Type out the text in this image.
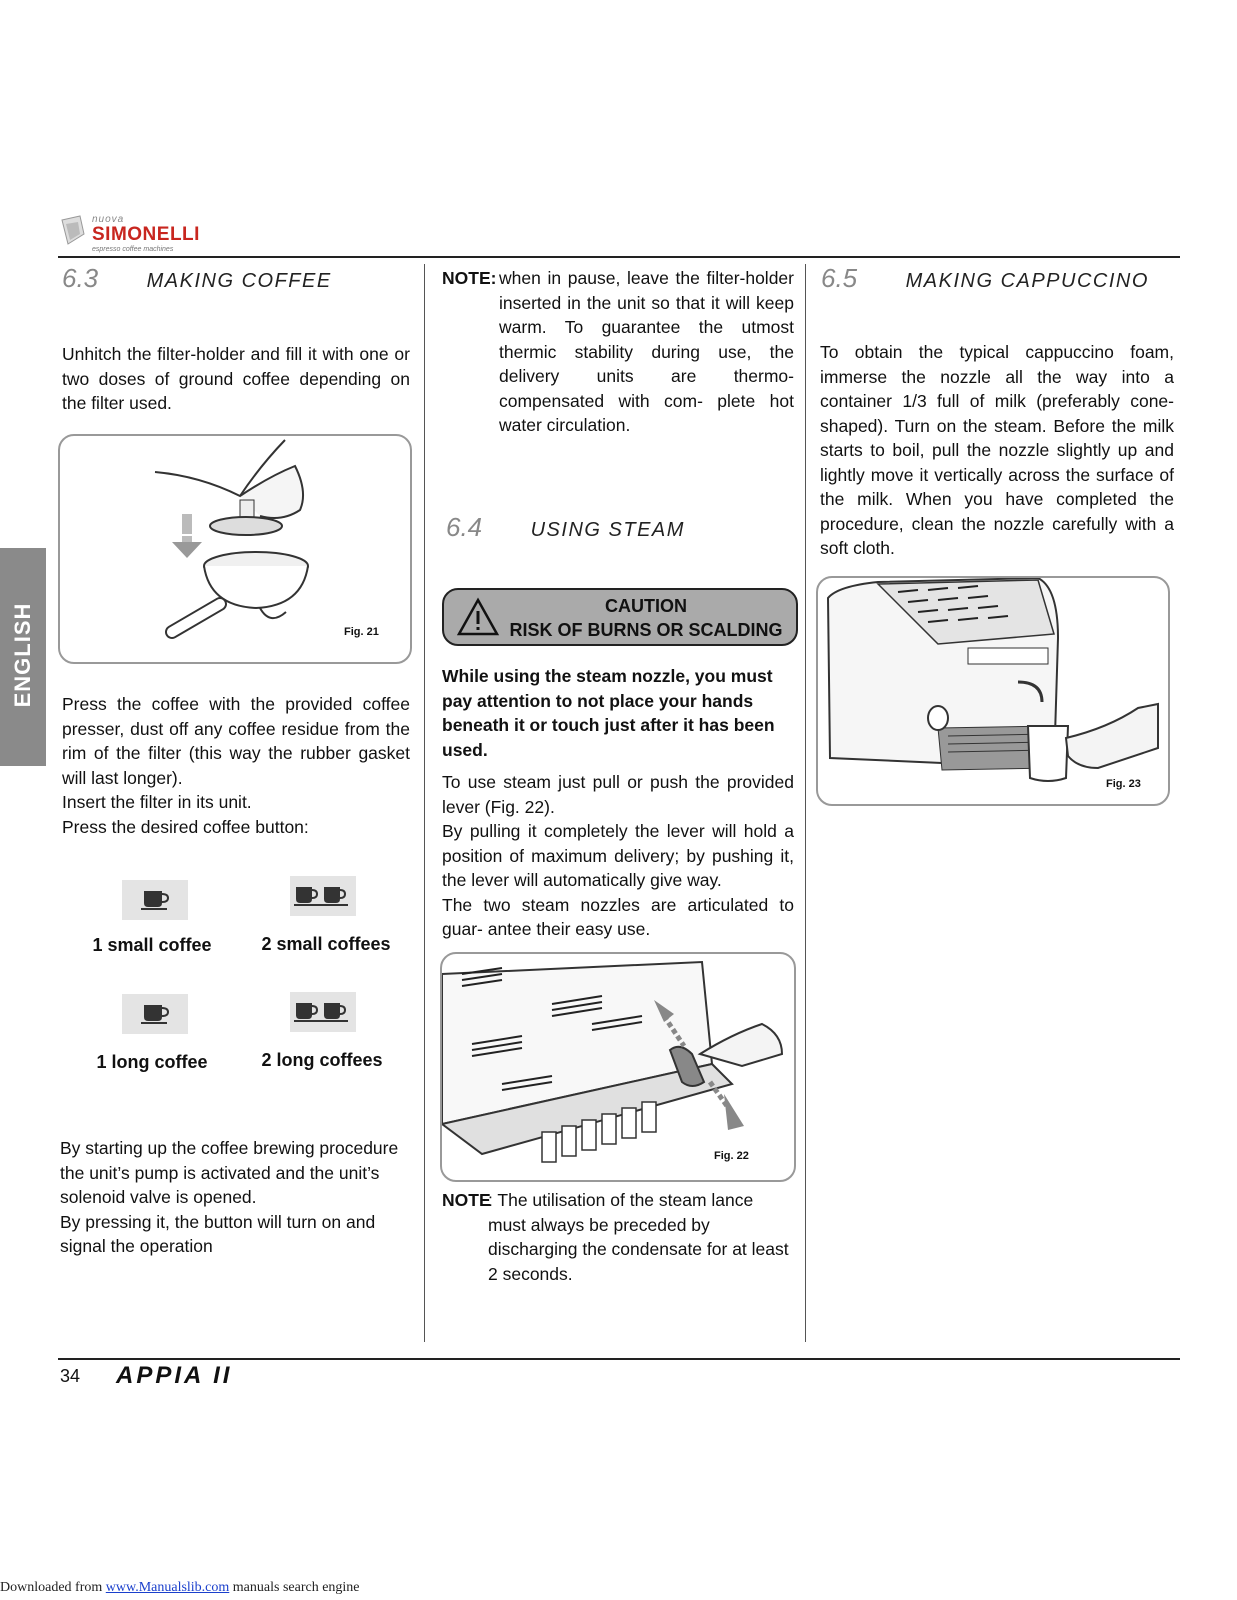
nuova
SIMONELLI
espresso coffee machines
ENGLISH
6.3 MAKING COFFEE

Unhitch the filter-holder and fill it with one or two doses of ground coffee depending on the filter used.

Fig. 21

Press the coffee with the provided coffee presser, dust off any coffee residue from the rim of the filter (this way the rubber gasket will last longer).

Insert the filter in its unit.

Press the desired coffee button:

1 small coffee	2 small coffees
1 long coffee	2 long coffees

By starting up the coffee brewing procedure the unit’s pump is activated and the unit’s solenoid valve is opened.

By pressing it, the button will turn on and signal the operation

NOTE: when in pause, leave the filter-holder inserted in the unit so that it will keep warm. To guarantee the utmost thermic stability during use, the delivery units are thermo-compensated with com- plete hot water circulation.

6.4 USING STEAM
CAUTION
RISK OF BURNS OR SCALDING

While using the steam nozzle, you must pay attention to not place your hands beneath it or touch just after it has been used.

To use steam just pull or push the provided lever (Fig. 22).

By pulling it completely the lever will hold a position of maximum delivery; by pushing it, the lever will automatically give way.

The two steam nozzles are articulated to guar- antee their easy use.

Fig. 22
NOTE

: The utilisation of the steam lance must always be preceded by discharging the condensate for at least 2 seconds.

6.5 MAKING CAPPUCCINO

To obtain the typical cappuccino foam, immerse the nozzle all the way into a container 1/3 full of milk (preferably cone-shaped). Turn on the steam. Before the milk starts to boil, pull the nozzle slightly up and lightly move it vertically across the surface of the milk. When you have completed the procedure, clean the nozzle carefully with a soft cloth.

Fig. 23
34 APPIA II
Downloaded from www.Manualslib.com manuals search engine
